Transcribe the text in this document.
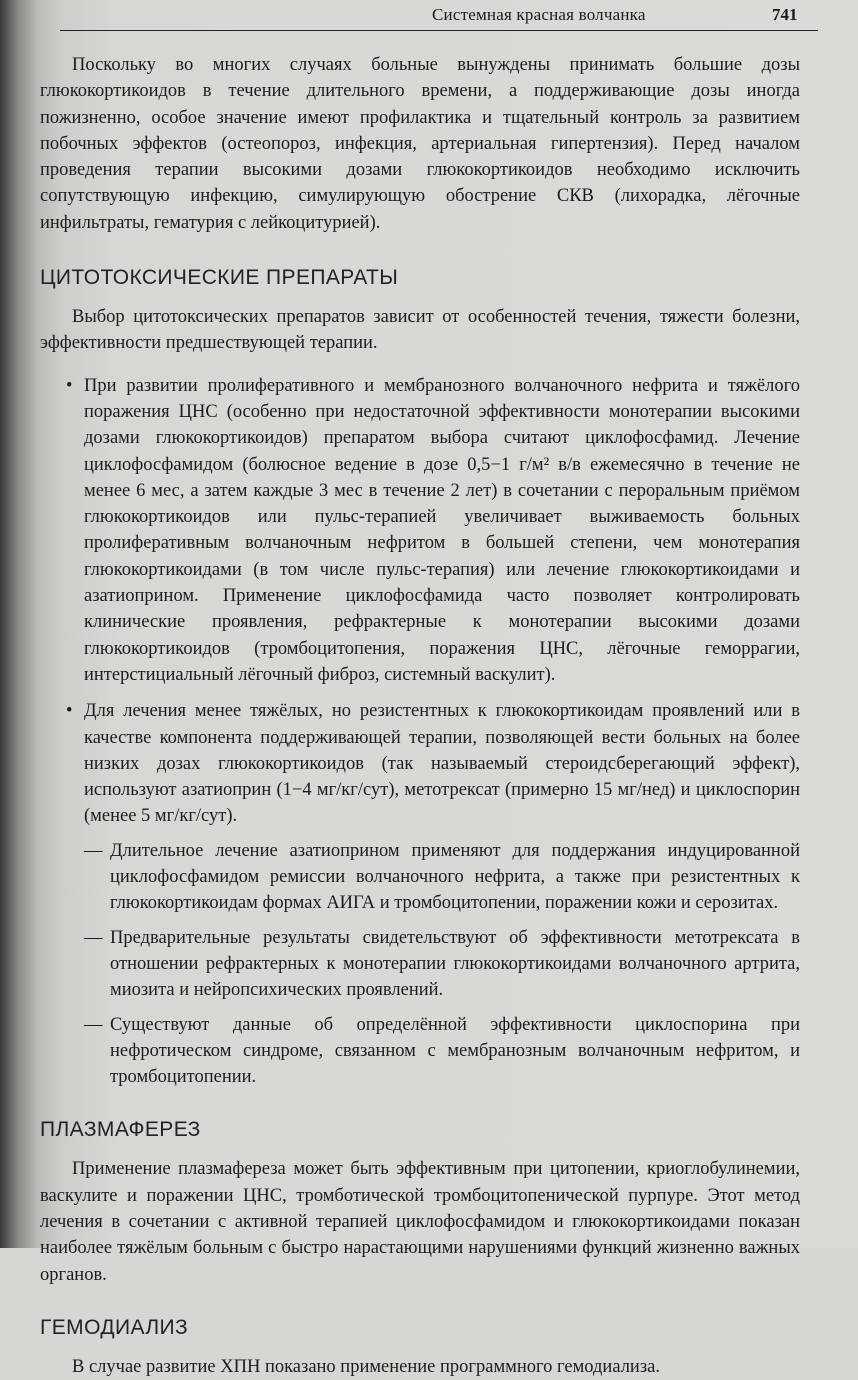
Системная красная волчанка	741

Поскольку во многих случаях больные вынуждены принимать большие дозы глюкокортикоидов в течение длительного времени, а поддерживающие дозы иногда пожизненно, особое значение имеют профилактика и тщательный контроль за развитием побочных эффектов (остеопороз, инфекция, артериальная гипертензия). Перед началом проведения терапии высокими дозами глюкокортикоидов необходимо исключить сопутствующую инфекцию, симулирующую обострение СКВ (лихорадка, лёгочные инфильтраты, гематурия с лейкоцитурией).

ЦИТОТОКСИЧЕСКИЕ ПРЕПАРАТЫ

Выбор цитотоксических препаратов зависит от особенностей течения, тяжести болезни, эффективности предшествующей терапии.

• При развитии пролиферативного и мембранозного волчаночного нефрита и тяжёлого поражения ЦНС (особенно при недостаточной эффективности монотерапии высокими дозами глюкокортикоидов) препаратом выбора считают циклофосфамид. Лечение циклофосфамидом (болюсное ведение в дозе 0,5−1 г/м² в/в ежемесячно в течение не менее 6 мес, а затем каждые 3 мес в течение 2 лет) в сочетании с пероральным приёмом глюкокортикоидов или пульс-терапией увеличивает выживаемость больных пролиферативным волчаночным нефритом в большей степени, чем монотерапия глюкокортикоидами (в том числе пульс-терапия) или лечение глюкокортикоидами и азатиоприном. Применение циклофосфамида часто позволяет контролировать клинические проявления, рефрактерные к монотерапии высокими дозами глюкокортикоидов (тромбоцитопения, поражения ЦНС, лёгочные геморрагии, интерстициальный лёгочный фиброз, системный васкулит).

• Для лечения менее тяжёлых, но резистентных к глюкокортикоидам проявлений или в качестве компонента поддерживающей терапии, позволяющей вести больных на более низких дозах глюкокортикоидов (так называемый стероидсберегающий эффект), используют азатиоприн (1−4 мг/кг/сут), метотрексат (примерно 15 мг/нед) и циклоспорин (менее 5 мг/кг/сут).

— Длительное лечение азатиоприном применяют для поддержания индуцированной циклофосфамидом ремиссии волчаночного нефрита, а также при резистентных к глюкокортикоидам формах АИГА и тромбоцитопении, поражении кожи и серозитах.

— Предварительные результаты свидетельствуют об эффективности метотрексата в отношении рефрактерных к монотерапии глюкокортикоидами волчаночного артрита, миозита и нейропсихических проявлений.

— Существуют данные об определённой эффективности циклоспорина при нефротическом синдроме, связанном с мембранозным волчаночным нефритом, и тромбоцитопении.

ПЛАЗМАФЕРЕЗ

Применение плазмафереза может быть эффективным при цитопении, криоглобулинемии, васкулите и поражении ЦНС, тромботической тромбоцитопенической пурпуре. Этот метод лечения в сочетании с активной терапией циклофосфамидом и глюкокортикоидами показан наиболее тяжёлым больным с быстро нарастающими нарушениями функций жизненно важных органов.

ГЕМОДИАЛИЗ

В случае развитие ХПН показано применение программного гемодиализа.
